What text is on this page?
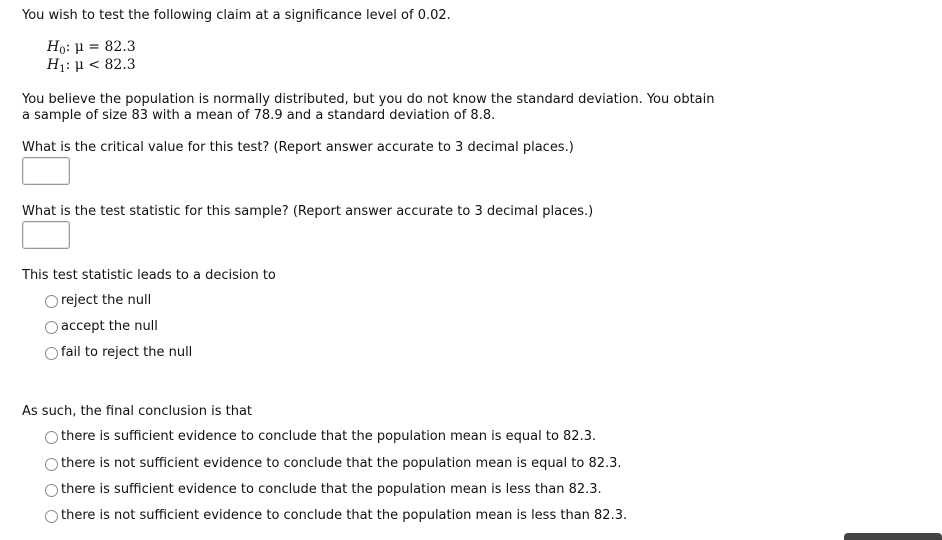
You wish to test the following claim at a significance level of 0.02.
$H_0$: μ = 82.3
$H_1$: μ < 82.3
You believe the population is normally distributed, but you do not know the standard deviation. You obtain a sample of size 83 with a mean of 78.9 and a standard deviation of 8.8.
What is the critical value for this test? (Report answer accurate to 3 decimal places.)
What is the test statistic for this sample? (Report answer accurate to 3 decimal places.)
This test statistic leads to a decision to
reject the null
accept the null
fail to reject the null
As such, the final conclusion is that
there is sufficient evidence to conclude that the population mean is equal to 82.3.
there is not sufficient evidence to conclude that the population mean is equal to 82.3.
there is sufficient evidence to conclude that the population mean is less than 82.3.
there is not sufficient evidence to conclude that the population mean is less than 82.3.
